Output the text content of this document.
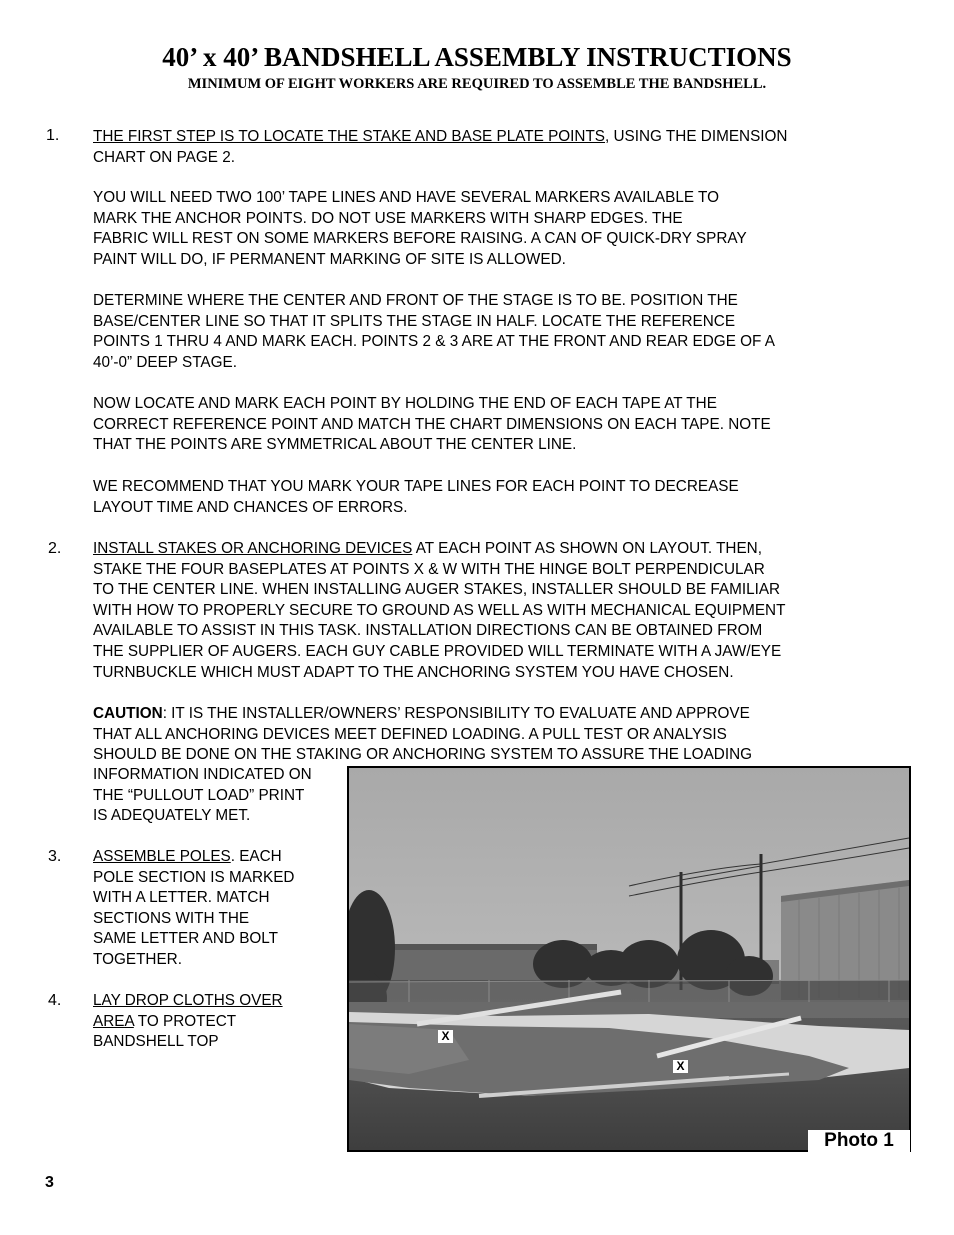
40’ x 40’ BANDSHELL ASSEMBLY INSTRUCTIONS
MINIMUM OF EIGHT WORKERS ARE REQUIRED TO ASSEMBLE THE BANDSHELL.
1. THE FIRST STEP IS TO LOCATE THE STAKE AND BASE PLATE POINTS, USING THE DIMENSION
CHART ON PAGE 2.

YOU WILL NEED TWO 100’ TAPE LINES AND HAVE SEVERAL MARKERS AVAILABLE TO
MARK THE ANCHOR POINTS. DO NOT USE MARKERS WITH SHARP EDGES. THE
FABRIC WILL REST ON SOME MARKERS BEFORE RAISING. A CAN OF QUICK-DRY SPRAY
PAINT WILL DO, IF PERMANENT MARKING OF SITE IS ALLOWED.

DETERMINE WHERE THE CENTER AND FRONT OF THE STAGE IS TO BE. POSITION THE
BASE/CENTER LINE SO THAT IT SPLITS THE STAGE IN HALF. LOCATE THE REFERENCE
POINTS 1 THRU 4 AND MARK EACH. POINTS 2 & 3 ARE AT THE FRONT AND REAR EDGE OF A
40’-0” DEEP STAGE.

NOW LOCATE AND MARK EACH POINT BY HOLDING THE END OF EACH TAPE AT THE
CORRECT REFERENCE POINT AND MATCH THE CHART DIMENSIONS ON EACH TAPE. NOTE
THAT THE POINTS ARE SYMMETRICAL ABOUT THE CENTER LINE.

WE RECOMMEND THAT YOU MARK YOUR TAPE LINES FOR EACH POINT TO DECREASE
LAYOUT TIME AND CHANCES OF ERRORS.

2. INSTALL STAKES OR ANCHORING DEVICES AT EACH POINT AS SHOWN ON LAYOUT. THEN,
STAKE THE FOUR BASEPLATES AT POINTS X & W WITH THE HINGE BOLT PERPENDICULAR
TO THE CENTER LINE. WHEN INSTALLING AUGER STAKES, INSTALLER SHOULD BE FAMILIAR
WITH HOW TO PROPERLY SECURE TO GROUND AS WELL AS WITH MECHANICAL EQUIPMENT
AVAILABLE TO ASSIST IN THIS TASK. INSTALLATION DIRECTIONS CAN BE OBTAINED FROM
THE SUPPLIER OF AUGERS. EACH GUY CABLE PROVIDED WILL TERMINATE WITH A JAW/EYE
TURNBUCKLE WHICH MUST ADAPT TO THE ANCHORING SYSTEM YOU HAVE CHOSEN.

CAUTION: IT IS THE INSTALLER/OWNERS’ RESPONSIBILITY TO EVALUATE AND APPROVE
THAT ALL ANCHORING DEVICES MEET DEFINED LOADING. A PULL TEST OR ANALYSIS
SHOULD BE DONE ON THE STAKING OR ANCHORING SYSTEM TO ASSURE THE LOADING

INFORMATION INDICATED ON
THE “PULLOUT LOAD” PRINT
IS ADEQUATELY MET.

3. ASSEMBLE POLES. EACH
POLE SECTION IS MARKED
WITH A LETTER. MATCH
SECTIONS WITH THE
SAME LETTER AND BOLT
TOGETHER.

4. LAY DROP CLOTHS OVER
AREA TO PROTECT
BANDSHELL TOP	X
X
Photo 1
3
